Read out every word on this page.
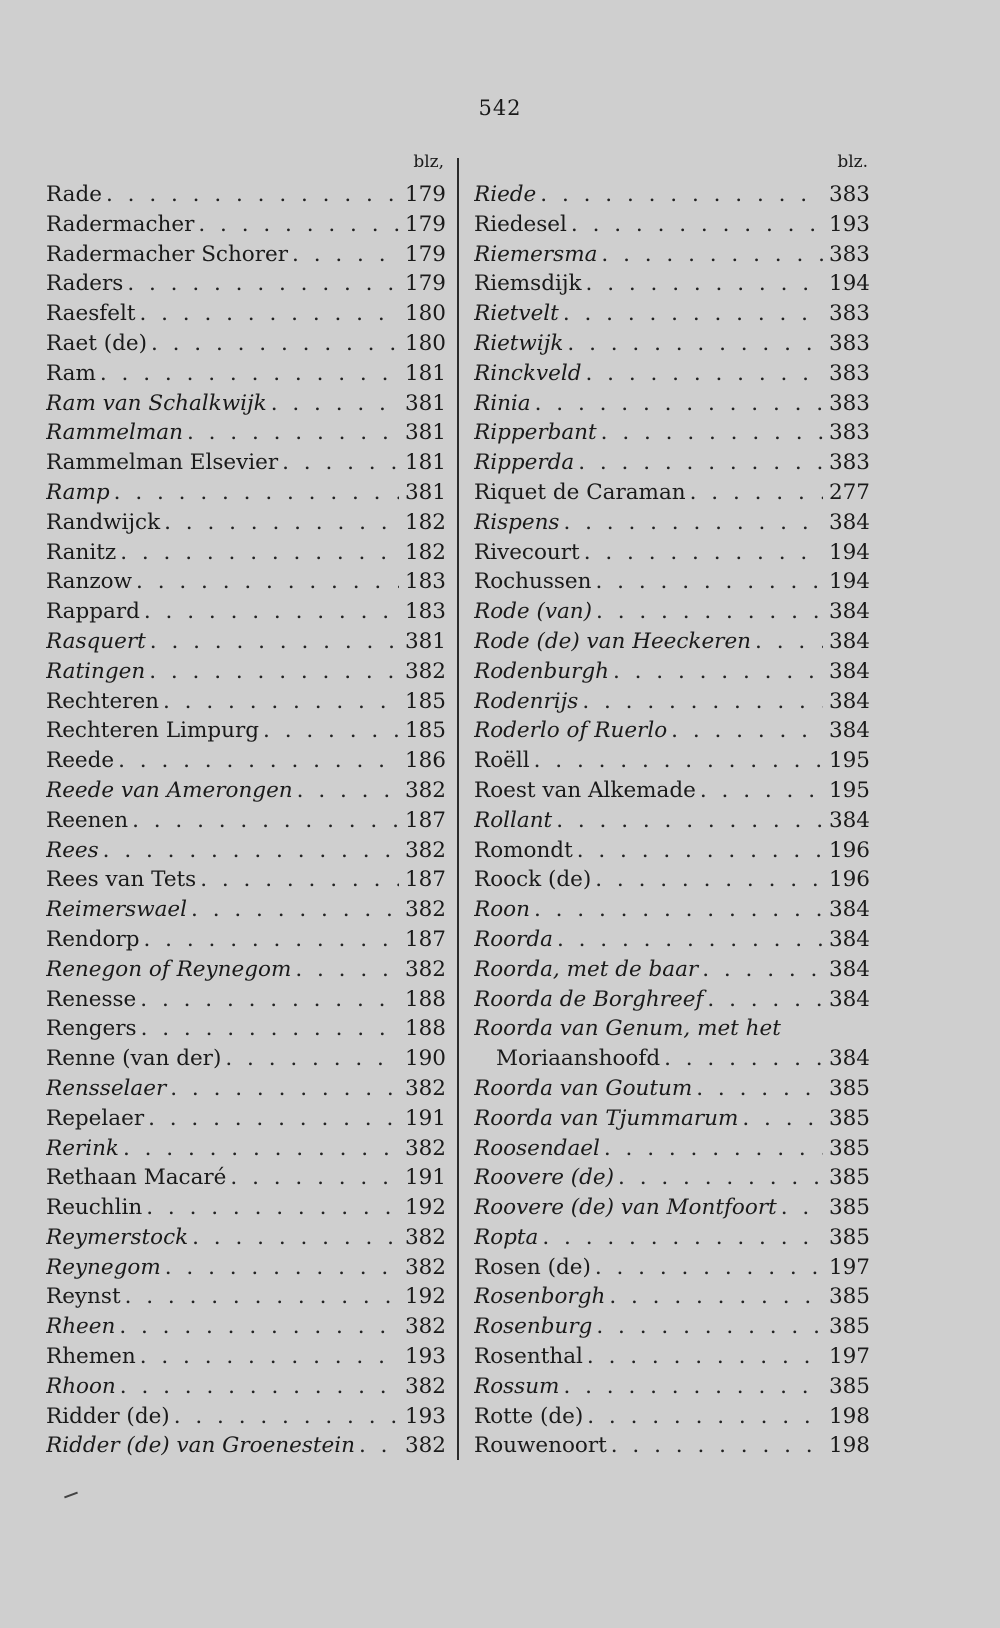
542
blz,
Rade . . .	179
Radermacher . . .	179
Radermacher Schorer . . .	179
Raders . . .	179
Raesfelt . . .	180
Raet (de) . . .	180
Ram . . .	181
Ram van Schalkwijk . . .	381
Rammelman . . .	381
Rammelman Elsevier . . .	181
Ramp . . .	381
Randwijck . . .	182
Ranitz . . .	182
Ranzow . . .	183
Rappard . . .	183
Rasquert . . .	381
Ratingen . . .	382
Rechteren . . .	185
Rechteren Limpurg . . .	185
Reede . . .	186
Reede van Amerongen . . .	382
Reenen . . .	187
Rees . . .	382
Rees van Tets . . .	187
Reimerswael . . .	382
Rendorp . . .	187
Renegon of Reynegom . . .	382
Renesse . . .	188
Rengers . . .	188
Renne (van der) . . .	190
Rensselaer . . .	382
Repelaer . . .	191
Rerink . . .	382
Rethaan Macaré . . .	191
Reuchlin . . .	192
Reymerstock . . .	382
Reynegom . . .	382
Reynst . . .	192
Rheen . . .	382
Rhemen . . .	193
Rhoon . . .	382
Ridder (de) . . .	193
Ridder (de) van Groenestein . . . 382
blz.
Riede . . .	383
Riedesel . . .	193
Riemersma . . .	383
Riemsdijk . . .	194
Rietvelt . . .	383
Rietwijk . . .	383
Rinckveld . . .	383
Rinia . . .	383
Ripperbant . . .	383
Ripperda . . .	383
Riquet de Caraman . . .	277
Rispens . . .	384
Rivecourt . . .	194
Rochussen . . .	194
Rode (van) . . .	384
Rode (de) van Heeckeren . . .	384
Rodenburgh . . .	384
Rodenrijs . . .	384
Roderlo of Ruerlo . . .	384
Roëll . . .	195
Roest van Alkemade . . .	195
Rollant . . .	384
Romondt . . .	196
Roock (de) . . .	196
Roon . . .	384
Roorda . . .	384
Roorda, met de baar . . .	384
Roorda de Borghreef . . .	384
Roorda van Genum, met het
Moriaanshoofd . . .	384
Roorda van Goutum . . .	385
Roorda van Tjummarum . . .	385
Roosendael . . .	385
Roovere (de) . . .	385
Roovere (de) van Montfoort . . . 385
Ropta . . .	385
Rosen (de) . . .	197
Rosenborgh . . .	385
Rosenburg . . .	385
Rosenthal . . .	197
Rossum . . .	385
Rotte (de) . . .	198
Rouwenoort . . .	198
